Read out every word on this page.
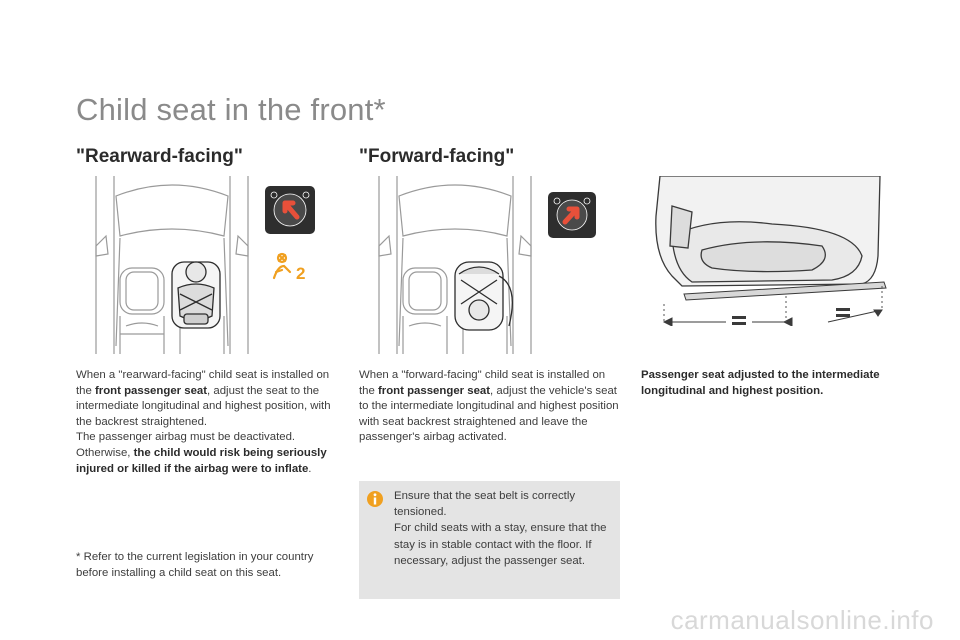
Child seat in the front*
"Rearward-facing"	"Forward-facing"
2
When a "rearward-facing" child seat is installed on the front passenger seat, adjust the seat to the intermediate longitudinal and highest position, with the backrest straightened.
The passenger airbag must be deactivated.
Otherwise, the child would risk being seriously injured or killed if the airbag were to inflate.
When a "forward-facing" child seat is installed on the front passenger seat, adjust the vehicle's seat to the intermediate longitudinal and highest position with seat backrest straightened and leave the passenger's airbag activated.
Passenger seat adjusted to the intermediate longitudinal and highest position.
Ensure that the seat belt is correctly tensioned.
For child seats with a stay, ensure that the stay is in stable contact with the floor. If necessary, adjust the passenger seat.
* Refer to the current legislation in your country before installing a child seat on this seat.
carmanualsonline.info
